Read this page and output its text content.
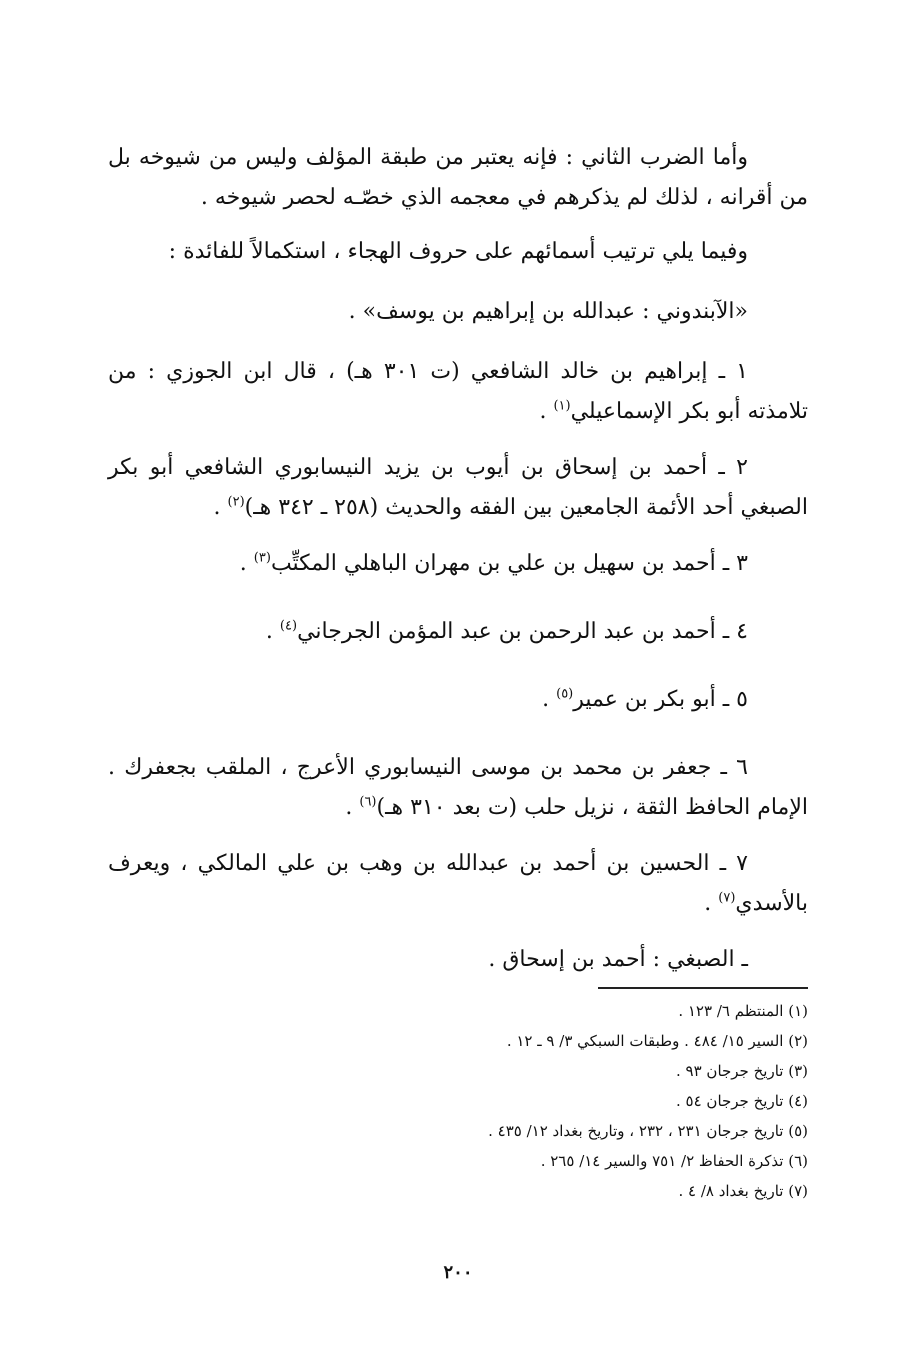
وأما الضرب الثاني : فإنه يعتبر من طبقة المؤلف وليس من شيوخه بل من أقرانه ، لذلك لم يذكرهم في معجمه الذي خصّـه لحصر شيوخه .

وفيما يلي ترتيب أسمائهم على حروف الهجاء ، استكمالاً للفائدة :

«الآبندوني : عبدالله بن إبراهيم بن يوسف» .

١ ـ إبراهيم بن خالد الشافعي (ت ٣٠١ هـ) ، قال ابن الجوزي : من تلامذته أبو بكر الإسماعيلي$^{(١)}$ .

٢ ـ أحمد بن إسحاق بن أيوب بن يزيد النيسابوري الشافعي أبو بكر الصبغي أحد الأئمة الجامعين بين الفقه والحديث (٢٥٨ ـ ٣٤٢ هـ)$^{(٢)}$ .

٣ ـ أحمد بن سهيل بن علي بن مهران الباهلي المكتِّب$^{(٣)}$ .

٤ ـ أحمد بن عبد الرحمن بن عبد المؤمن الجرجاني$^{(٤)}$ .

٥ ـ أبو بكر بن عمير$^{(٥)}$ .

٦ ـ جعفر بن محمد بن موسى النيسابوري الأعرج ، الملقب بجعفرك . الإمام الحافظ الثقة ، نزيل حلب (ت بعد ٣١٠ هـ)$^{(٦)}$ .

٧ ـ الحسين بن أحمد بن عبدالله بن وهب بن علي المالكي ، ويعرف بالأسدي$^{(٧)}$ .

ـ الصبغي : أحمد بن إسحاق .

(١) المنتظم ٦/ ١٢٣ .
(٢) السير ١٥/ ٤٨٤ . وطبقات السبكي ٣/ ٩ ـ ١٢ .
(٣) تاريخ جرجان ٩٣ .
(٤) تاريخ جرجان ٥٤ .
(٥) تاريخ جرجان ٢٣١ ، ٢٣٢ ، وتاريخ بغداد ١٢/ ٤٣٥ .
(٦) تذكرة الحفاظ ٢/ ٧٥١ والسير ١٤/ ٢٦٥ .
(٧) تاريخ بغداد ٨/ ٤ .
٢٠٠
